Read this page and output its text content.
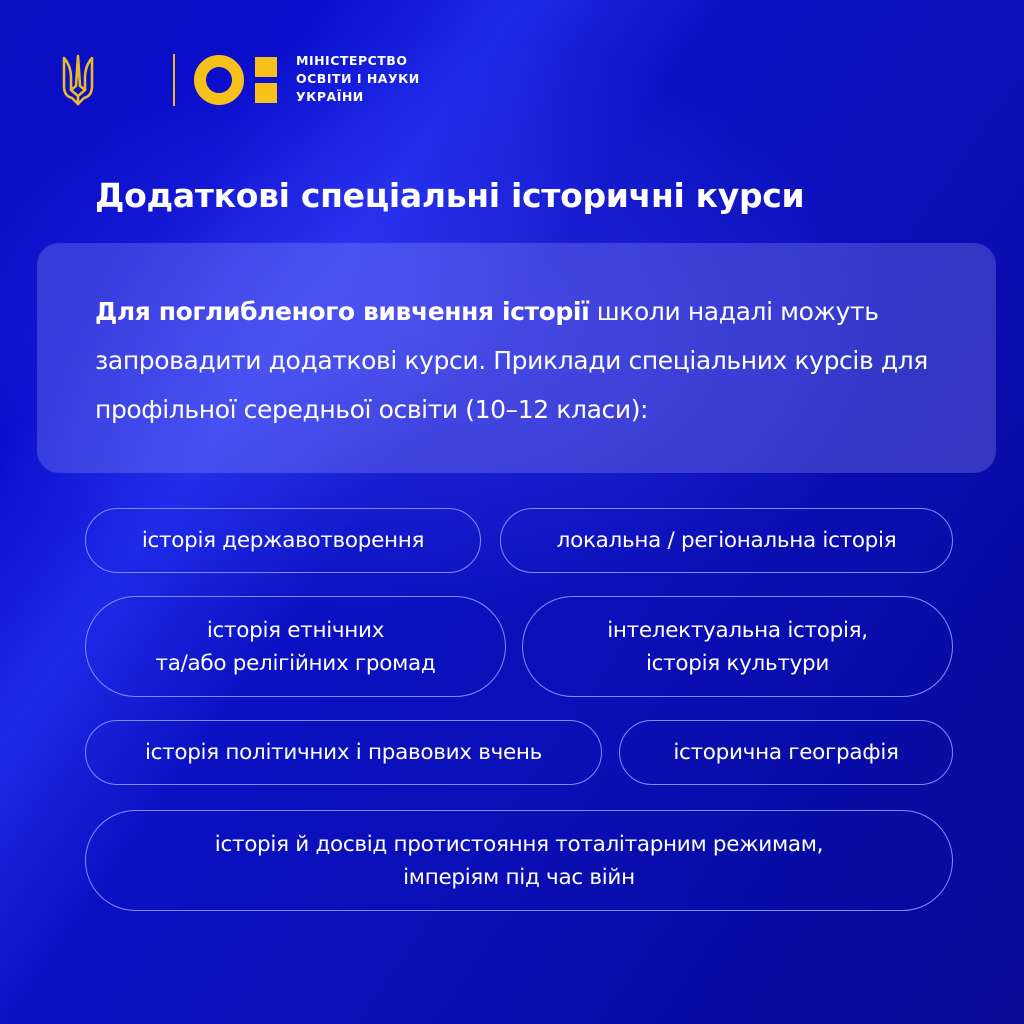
МІНІСТЕРСТВО
ОСВІТИ І НАУКИ
УКРАЇНИ
Додаткові спеціальні історичні курси
Для поглибленого вивчення історії школи надалі можуть запровадити додаткові курси. Приклади спеціальних курсів для профільної середньої освіти (10–12 класи):
історія державотворення	локальна / регіональна історія
історія етнічних
та/або релігійних громад
інтелектуальна історія,
історія культури
історія політичних і правових вчень	історична географія
історія й досвід протистояння тоталітарним режимам,
імперіям під час війн
